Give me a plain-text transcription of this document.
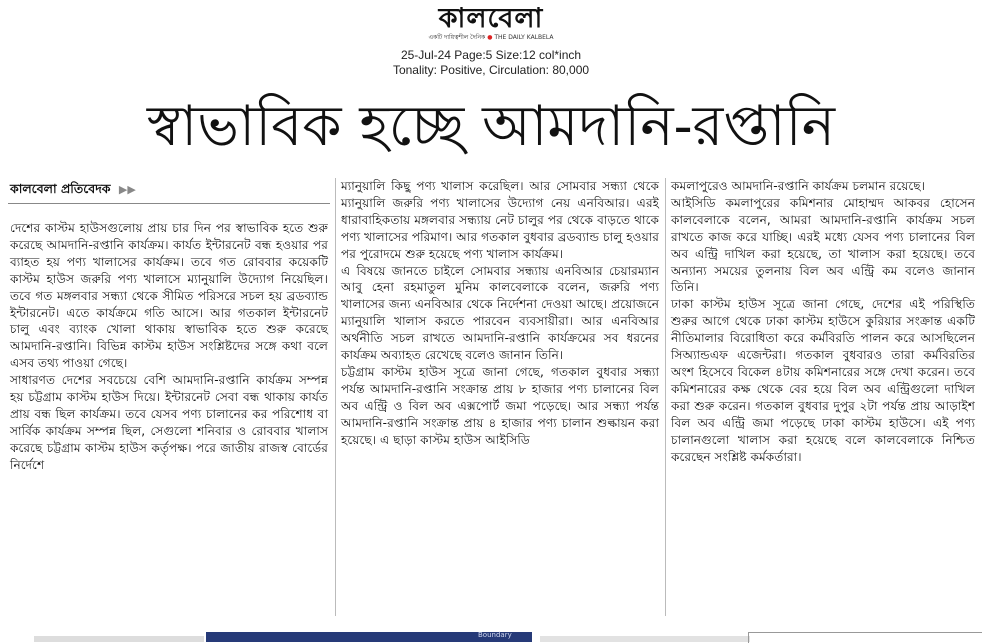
কালবেলা
একটি দায়িত্বশীল দৈনিক ● THE DAILY KALBELA
25-Jul-24 Page:5 Size:12 col*inch
Tonality: Positive, Circulation: 80,000
স্বাভাবিক হচ্ছে আমদানি-রপ্তানি
কালবেলা প্রতিবেদক ▶▶

দেশের কাস্টম হাউসগুলোয় প্রায় চার দিন পর স্বাভাবিক হতে শুরু করেছে আমদানি-রপ্তানি কার্যক্রম। কার্যত ইন্টারনেট বন্ধ হওয়ার পর ব্যাহত হয় পণ্য খালাসের কার্যক্রম। তবে গত রোববার কয়েকটি কাস্টম হাউস জরুরি পণ্য খালাসে ম্যানুয়ালি উদ্যোগ নিয়েছিল। তবে গত মঙ্গলবার সন্ধ্যা থেকে সীমিত পরিসরে সচল হয় ব্রডব্যান্ড ইন্টারনেট। এতে কার্যক্রমে গতি আসে। আর গতকাল ইন্টারনেট চালু এবং ব্যাংক খোলা থাকায় স্বাভাবিক হতে শুরু করেছে আমদানি-রপ্তানি। বিভিন্ন কাস্টম হাউস সংশ্লিষ্টদের সঙ্গে কথা বলে এসব তথ্য পাওয়া গেছে।

সাধারণত দেশের সবচেয়ে বেশি আমদানি-রপ্তানি কার্যক্রম সম্পন্ন হয় চট্টগ্রাম কাস্টম হাউস দিয়ে। ইন্টারনেট সেবা বন্ধ থাকায় কার্যত প্রায় বন্ধ ছিল কার্যক্রম। তবে যেসব পণ্য চালানের কর পরিশোধ বা সার্বিক কার্যক্রম সম্পন্ন ছিল, সেগুলো শনিবার ও রোববার খালাস করেছে চট্টগ্রাম কাস্টম হাউস কর্তৃপক্ষ। পরে জাতীয় রাজস্ব বোর্ডের নির্দেশে

ম্যানুয়ালি কিছু পণ্য খালাস করেছিল। আর সোমবার সন্ধ্যা থেকে ম্যানুয়ালি জরুরি পণ্য খালাসের উদ্যোগ নেয় এনবিআর। এরই ধারাবাহিকতায় মঙ্গলবার সন্ধ্যায় নেট চালুর পর থেকে বাড়তে থাকে পণ্য খালাসের পরিমাণ। আর গতকাল বুধবার ব্রডব্যান্ড চালু হওয়ার পর পুরোদমে শুরু হয়েছে পণ্য খালাস কার্যক্রম।

এ বিষয়ে জানতে চাইলে সোমবার সন্ধ্যায় এনবিআর চেয়ারম্যান আবু হেনা রহমাতুল মুনিম কালবেলাকে বলেন, জরুরি পণ্য খালাসের জন্য এনবিআর থেকে নির্দেশনা দেওয়া আছে। প্রয়োজনে ম্যানুয়ালি খালাস করতে পারবেন ব্যবসায়ীরা। আর এনবিআর অর্থনীতি সচল রাখতে আমদানি-রপ্তানি কার্যক্রমের সব ধরনের কার্যক্রম অব্যাহত রেখেছে বলেও জানান তিনি।

চট্টগ্রাম কাস্টম হাউস সূত্রে জানা গেছে, গতকাল বুধবার সন্ধ্যা পর্যন্ত আমদানি-রপ্তানি সংক্রান্ত প্রায় ৮ হাজার পণ্য চালানের বিল অব এন্ট্রি ও বিল অব এক্সপোর্ট জমা পড়েছে। আর সন্ধ্যা পর্যন্ত আমদানি-রপ্তানি সংক্রান্ত প্রায় ৪ হাজার পণ্য চালান শুল্কায়ন করা হয়েছে। এ ছাড়া কাস্টম হাউস আইসিডি

কমলাপুরেও আমদানি-রপ্তানি কার্যক্রম চলমান রয়েছে।

আইসিডি কমলাপুরের কমিশনার মোহাম্মদ আকবর হোসেন কালবেলাকে বলেন, আমরা আমদানি-রপ্তানি কার্যক্রম সচল রাখতে কাজ করে যাচ্ছি। এরই মধ্যে যেসব পণ্য চালানের বিল অব এন্ট্রি দাখিল করা হয়েছে, তা খালাস করা হয়েছে। তবে অন্যান্য সময়ের তুলনায় বিল অব এন্ট্রি কম বলেও জানান তিনি।

ঢাকা কাস্টম হাউস সূত্রে জানা গেছে, দেশের এই পরিস্থিতি শুরুর আগে থেকে ঢাকা কাস্টম হাউসে কুরিয়ার সংক্রান্ত একটি নীতিমালার বিরোধিতা করে কর্মবিরতি পালন করে আসছিলেন সিঅ্যান্ডএফ এজেন্টরা। গতকাল বুধবারও তারা কর্মবিরতির অংশ হিসেবে বিকেল ৪টায় কমিশনারের সঙ্গে দেখা করেন। তবে কমিশনারের কক্ষ থেকে বের হয়ে বিল অব এন্ট্রিগুলো দাখিল করা শুরু করেন। গতকাল বুধবার দুপুর ২টা পর্যন্ত প্রায় আড়াইশ বিল অব এন্ট্রি জমা পড়েছে ঢাকা কাস্টম হাউসে। এই পণ্য চালানগুলো খালাস করা হয়েছে বলে কালবেলাকে নিশ্চিত করেছেন সংশ্লিষ্ট কর্মকর্তারা।

Boundary
